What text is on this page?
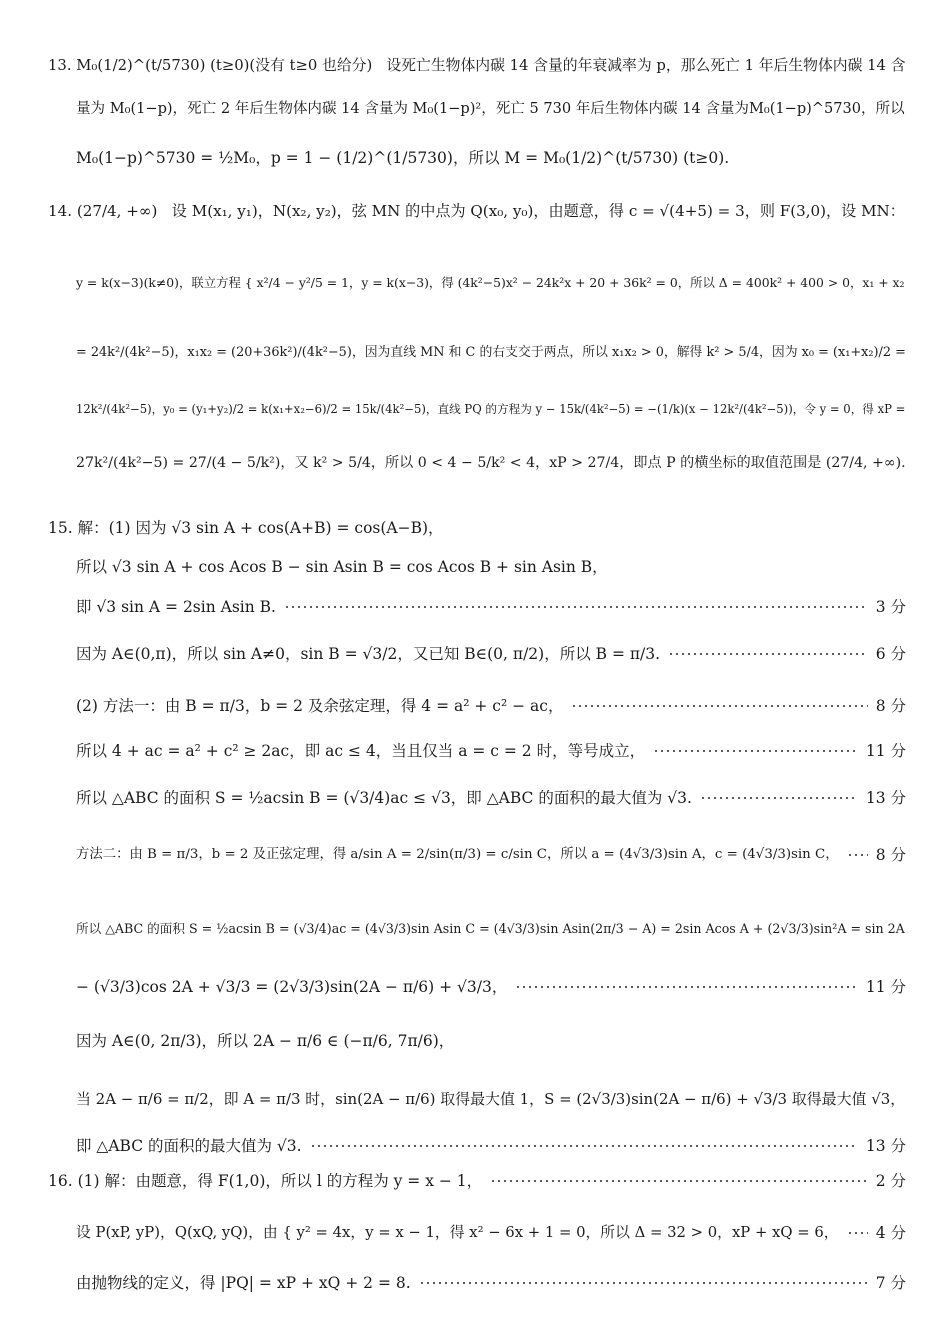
13. M₀(1/2)^(t/5730) (t≥0)(没有 t≥0 也给分)   设死亡生物体内碳 14 含量的年衰减率为 p，那么死亡 1 年后生物体内碳 14 含
量为 M₀(1−p)，死亡 2 年后生物体内碳 14 含量为 M₀(1−p)²，死亡 5 730 年后生物体内碳 14 含量为M₀(1−p)^5730，所以
M₀(1−p)^5730 = ½M₀，p = 1 − (1/2)^(1/5730)，所以 M = M₀(1/2)^(t/5730) (t≥0).
14. (27/4, +∞)   设 M(x₁, y₁)，N(x₂, y₂)，弦 MN 的中点为 Q(x₀, y₀)，由题意，得 c = √(4+5) = 3，则 F(3,0)，设 MN：
y = k(x−3)(k≠0)，联立方程 { x²/4 − y²/5 = 1，y = k(x−3)，得 (4k²−5)x² − 24k²x + 20 + 36k² = 0，所以 Δ = 400k² + 400 > 0，x₁ + x₂
= 24k²/(4k²−5)，x₁x₂ = (20+36k²)/(4k²−5)，因为直线 MN 和 C 的右支交于两点，所以 x₁x₂ > 0，解得 k² > 5/4，因为 x₀ = (x₁+x₂)/2 =
12k²/(4k²−5)，y₀ = (y₁+y₂)/2 = k(x₁+x₂−6)/2 = 15k/(4k²−5)，直线 PQ 的方程为 y − 15k/(4k²−5) = −(1/k)(x − 12k²/(4k²−5))，令 y = 0，得 xP =
27k²/(4k²−5) = 27/(4 − 5/k²)，又 k² > 5/4，所以 0 < 4 − 5/k² < 4，xP > 27/4，即点 P 的横坐标的取值范围是 (27/4, +∞).
15. 解：(1) 因为 √3 sin A + cos(A+B) = cos(A−B)，
所以 √3 sin A + cos Acos B − sin Asin B = cos Acos B + sin Asin B，
即 √3 sin A = 2sin Asin B.	3 分
因为 A∈(0,π)，所以 sin A≠0，sin B = √3/2，又已知 B∈(0, π/2)，所以 B = π/3.	6 分
(2) 方法一：由 B = π/3，b = 2 及余弦定理，得 4 = a² + c² − ac，	8 分
所以 4 + ac = a² + c² ≥ 2ac，即 ac ≤ 4，当且仅当 a = c = 2 时，等号成立，	11 分
所以 △ABC 的面积 S = ½acsin B = (√3/4)ac ≤ √3，即 △ABC 的面积的最大值为 √3.	13 分
方法二：由 B = π/3，b = 2 及正弦定理，得 a/sin A = 2/sin(π/3) = c/sin C，所以 a = (4√3/3)sin A，c = (4√3/3)sin C， 8 分
所以 △ABC 的面积 S = ½acsin B = (√3/4)ac = (4√3/3)sin Asin C = (4√3/3)sin Asin(2π/3 − A) = 2sin Acos A + (2√3/3)sin²A = sin 2A
− (√3/3)cos 2A + √3/3 = (2√3/3)sin(2A − π/6) + √3/3，	11 分
因为 A∈(0, 2π/3)，所以 2A − π/6 ∈ (−π/6, 7π/6)，
当 2A − π/6 = π/2，即 A = π/3 时，sin(2A − π/6) 取得最大值 1，S = (2√3/3)sin(2A − π/6) + √3/3 取得最大值 √3，
即 △ABC 的面积的最大值为 √3.	13 分
16. (1) 解：由题意，得 F(1,0)，所以 l 的方程为 y = x − 1，	2 分
设 P(xP, yP)，Q(xQ, yQ)，由 { y² = 4x，y = x − 1，得 x² − 6x + 1 = 0，所以 Δ = 32 > 0，xP + xQ = 6， 4 分
由抛物线的定义，得 |PQ| = xP + xQ + 2 = 8.	7 分
